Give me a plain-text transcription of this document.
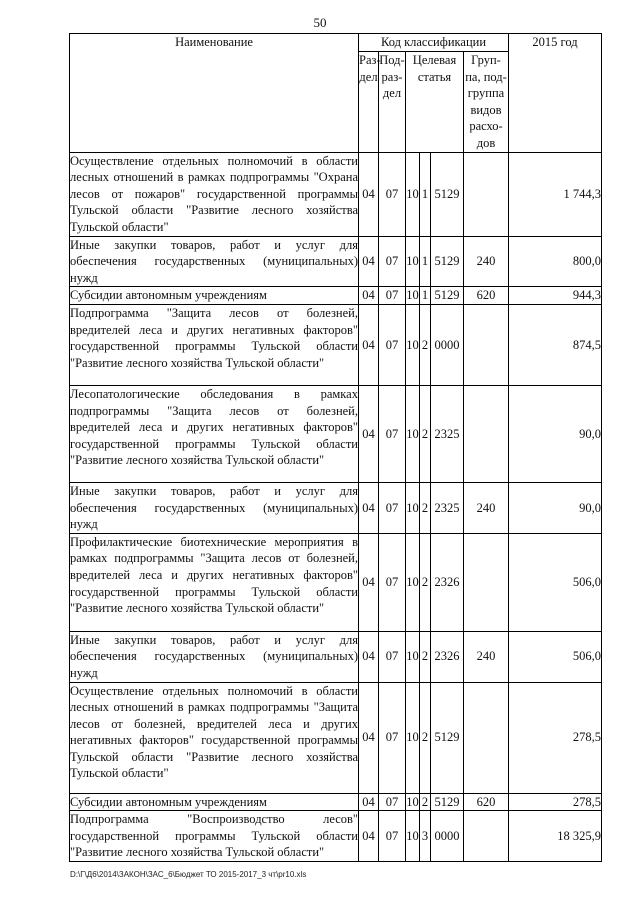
50
Наименование	Код классификации						2015 год
	Раз-дел	Под-раз-дел	Целевая статья			Груп-па, под-группа видов расхо-дов	
Осуществление отдельных полномочий в области лесных отношений в рамках подпрограммы "Охрана лесов от пожаров" государственной программы Тульской области "Развитие лесного хозяйства Тульской области"	04	07	10	1	5129		1 744,3
Иные закупки товаров, работ и услуг для обеспечения государственных (муниципальных) нужд	04	07	10	1	5129	240	800,0
Субсидии автономным учреждениям	04	07	10	1	5129	620	944,3
Подпрограмма "Защита лесов от болезней, вредителей леса и других негативных факторов" государственной программы Тульской области "Развитие лесного хозяйства Тульской области"	04	07	10	2	0000		874,5
Лесопатологические обследования в рамках подпрограммы "Защита лесов от болезней, вредителей леса и других негативных факторов" государственной программы Тульской области "Развитие лесного хозяйства Тульской области"	04	07	10	2	2325		90,0
Иные закупки товаров, работ и услуг для обеспечения государственных (муниципальных) нужд	04	07	10	2	2325	240	90,0
Профилактические биотехнические мероприятия в рамках подпрограммы "Защита лесов от болезней, вредителей леса и других негативных факторов" государственной программы Тульской области "Развитие лесного хозяйства Тульской области"	04	07	10	2	2326		506,0
Иные закупки товаров, работ и услуг для обеспечения государственных (муниципальных) нужд	04	07	10	2	2326	240	506,0
Осуществление отдельных полномочий в области лесных отношений в рамках подпрограммы "Защита лесов от болезней, вредителей леса и других негативных факторов" государственной программы Тульской области "Развитие лесного хозяйства Тульской области"	04	07	10	2	5129		278,5
Субсидии автономным учреждениям	04	07	10	2	5129	620	278,5
Подпрограмма "Воспроизводство лесов" государственной программы Тульской области "Развитие лесного хозяйства Тульской области"	04	07	10	3	0000		18 325,9
D:\Г\Д6\2014\ЗАКОН\ЗАС_6\Бюджет ТО 2015-2017_3 чт\pr10.xls
